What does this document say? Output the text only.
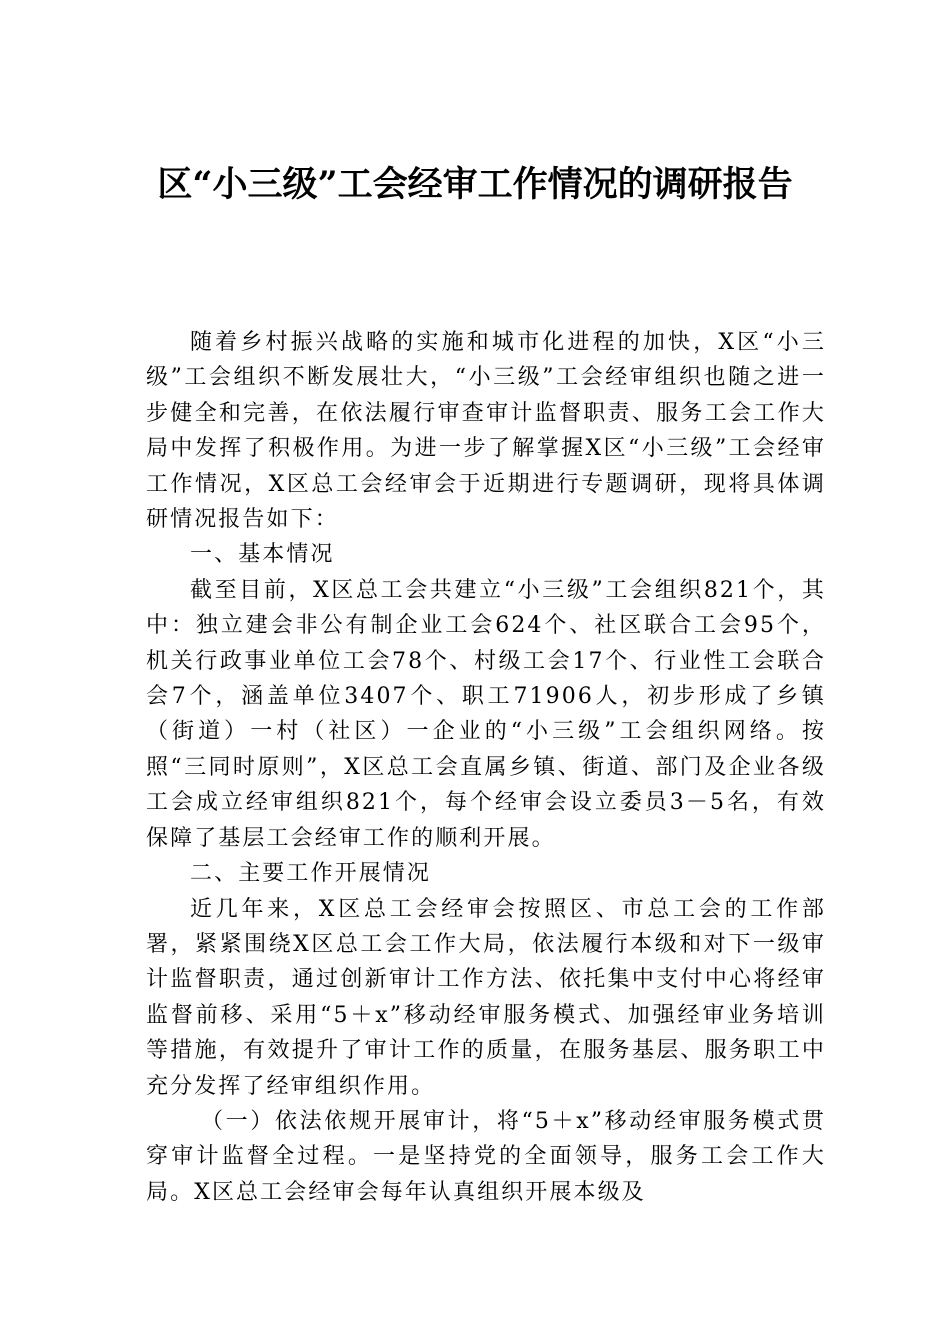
区“小三级”工会经审工作情况的调研报告

随着乡村振兴战略的实施和城市化进程的加快，X区“小三级”工会组织不断发展壮大，“小三级”工会经审组织也随之进一步健全和完善，在依法履行审查审计监督职责、服务工会工作大局中发挥了积极作用。为进一步了解掌握X区“小三级”工会经审工作情况，X区总工会经审会于近期进行专题调研，现将具体调研情况报告如下：

一、基本情况

截至目前，X区总工会共建立“小三级”工会组织821个，其中：独立建会非公有制企业工会624个、社区联合工会95个，机关行政事业单位工会78个、村级工会17个、行业性工会联合会7个，涵盖单位3407个、职工71906人，初步形成了乡镇（街道）一村（社区）一企业的“小三级”工会组织网络。按照“三同时原则”，X区总工会直属乡镇、街道、部门及企业各级工会成立经审组织821个，每个经审会设立委员3－5名，有效保障了基层工会经审工作的顺利开展。

二、主要工作开展情况

近几年来，X区总工会经审会按照区、市总工会的工作部署，紧紧围绕X区总工会工作大局，依法履行本级和对下一级审计监督职责，通过创新审计工作方法、依托集中支付中心将经审监督前移、采用“5＋x”移动经审服务模式、加强经审业务培训等措施，有效提升了审计工作的质量，在服务基层、服务职工中充分发挥了经审组织作用。

（一）依法依规开展审计，将“5＋x”移动经审服务模式贯穿审计监督全过程。一是坚持党的全面领导，服务工会工作大局。X区总工会经审会每年认真组织开展本级及
